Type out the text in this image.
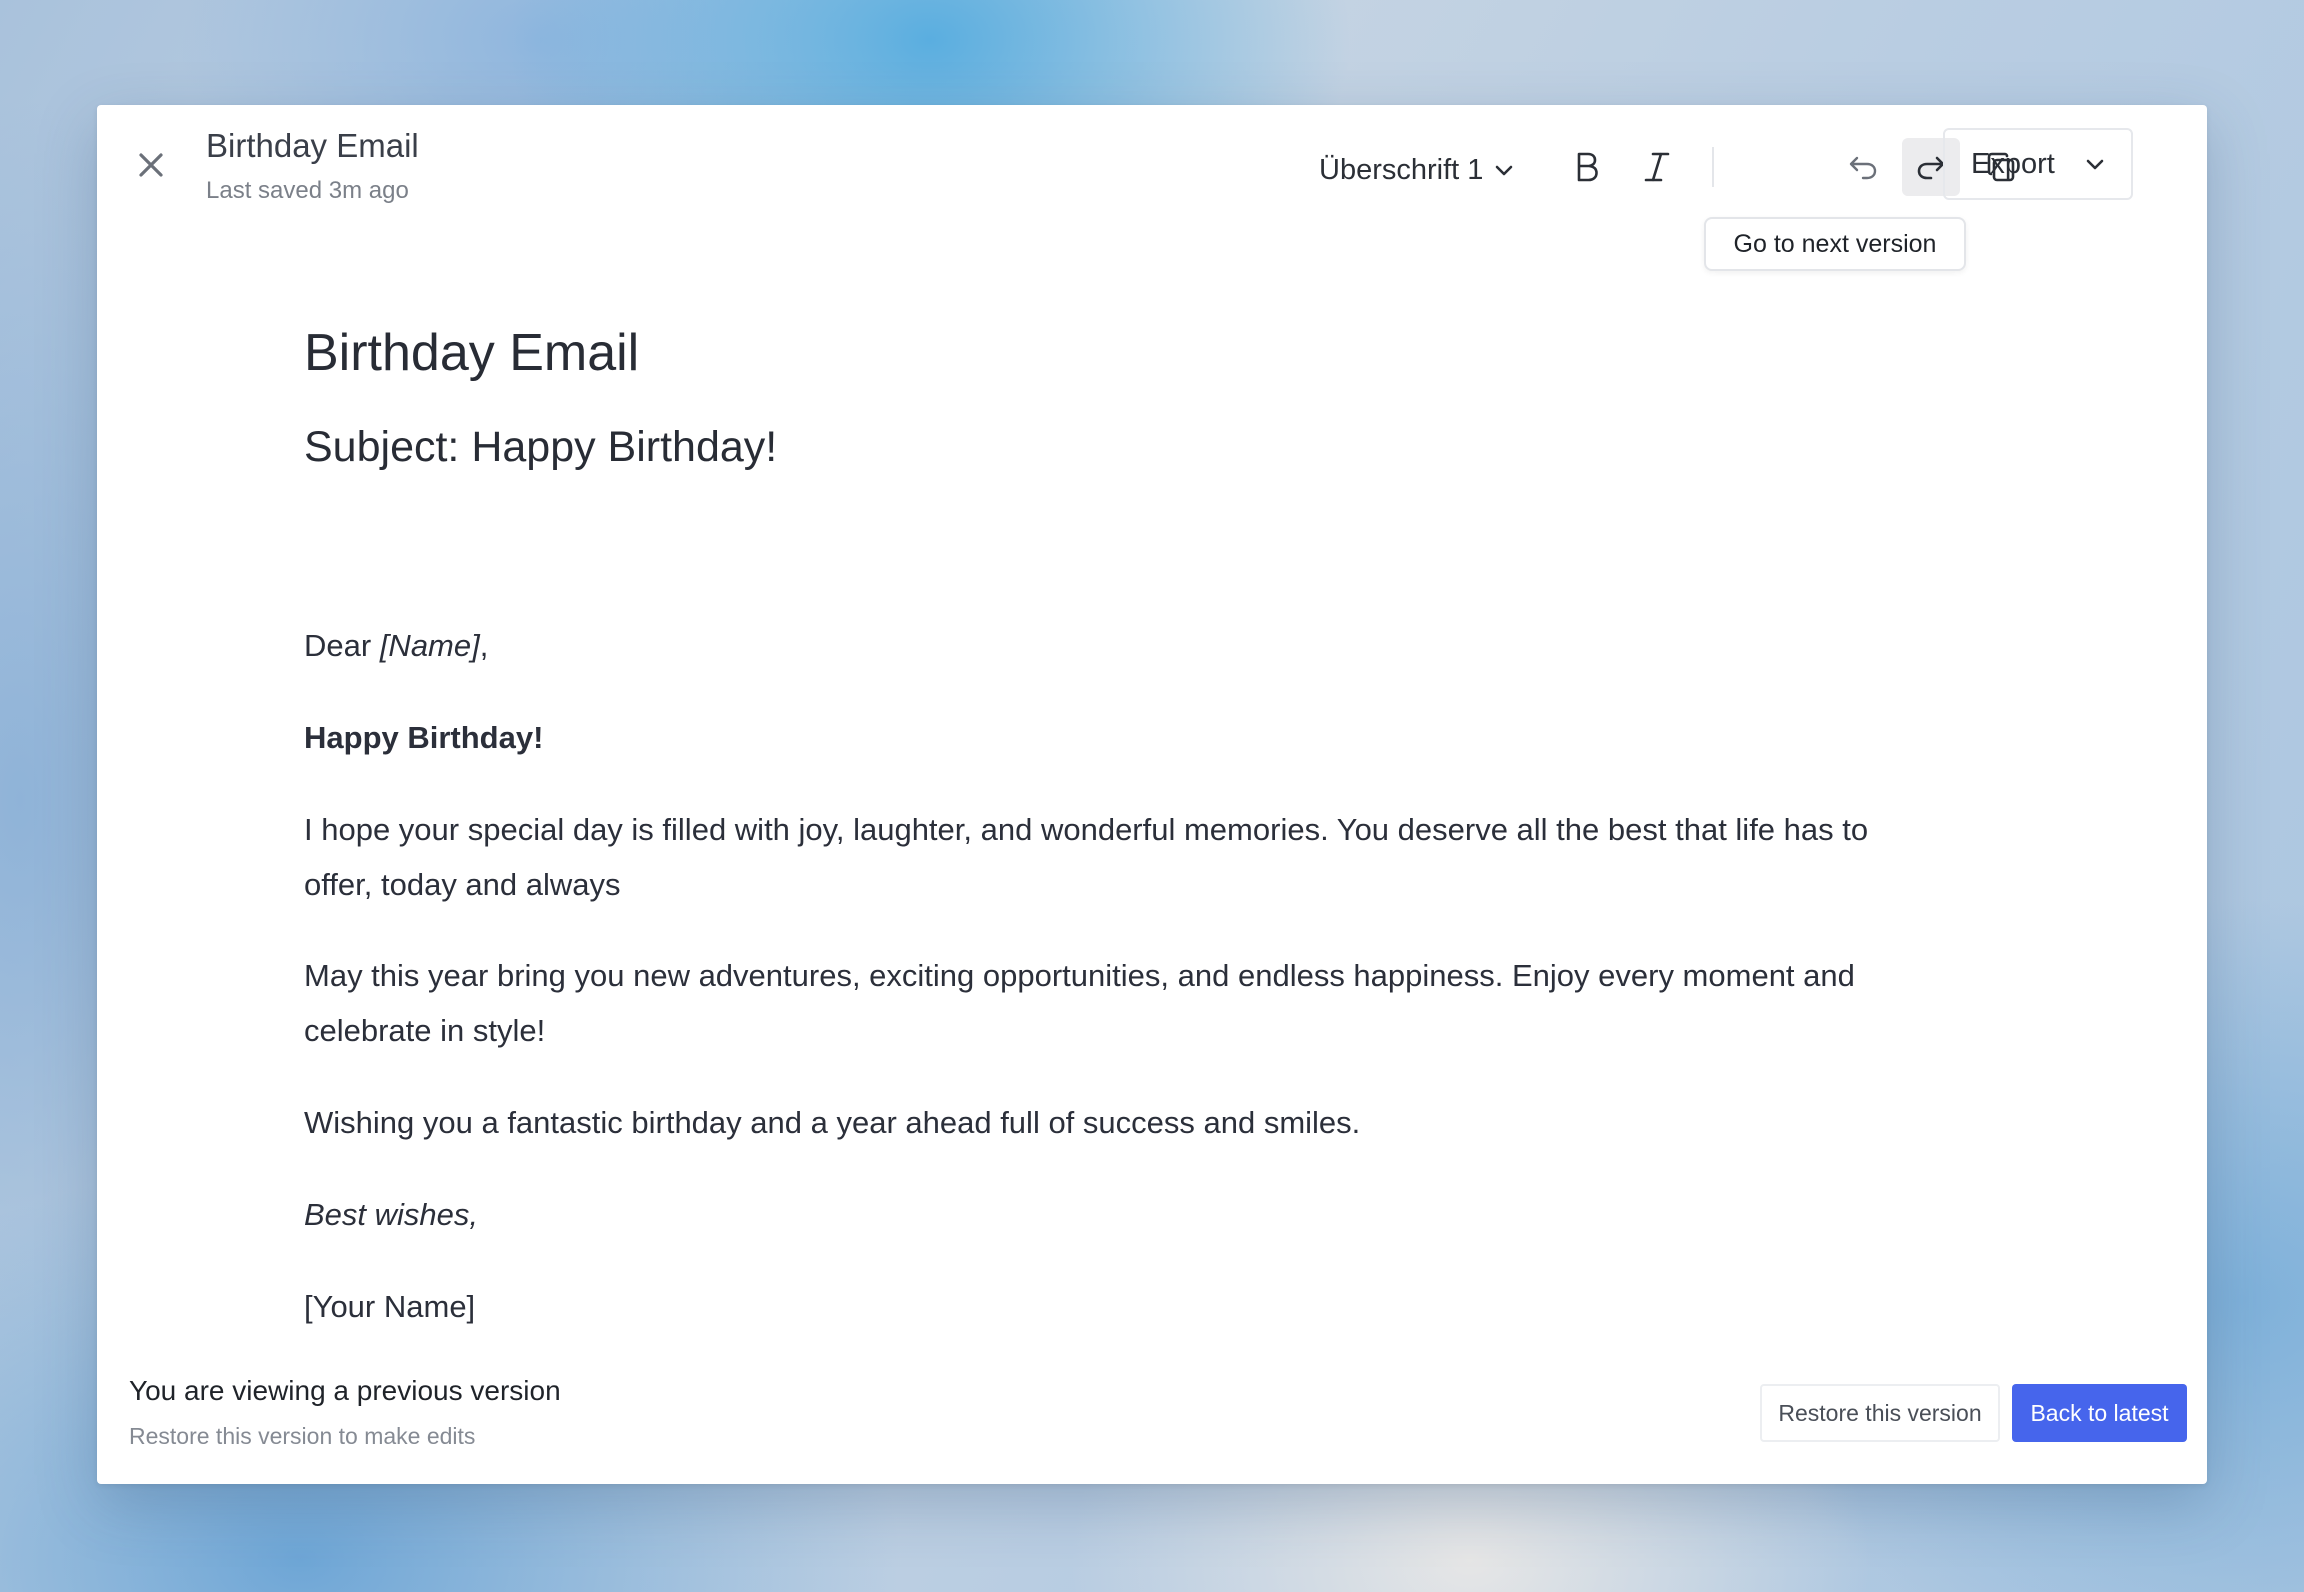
Birthday Email
Last saved 3m ago
Überschrift 1	Export
Go to next version
Birthday Email
Subject: Happy Birthday!
Dear [Name],
Happy Birthday!
I hope your special day is filled with joy, laughter, and wonderful memories. You deserve all the best that life has to offer, today and always
May this year bring you new adventures, exciting opportunities, and endless happiness. Enjoy every moment and celebrate in style!
Wishing you a fantastic birthday and a year ahead full of success and smiles.
Best wishes,
[Your Name]
You are viewing a previous version
Restore this version to make edits
Restore this version	Back to latest
